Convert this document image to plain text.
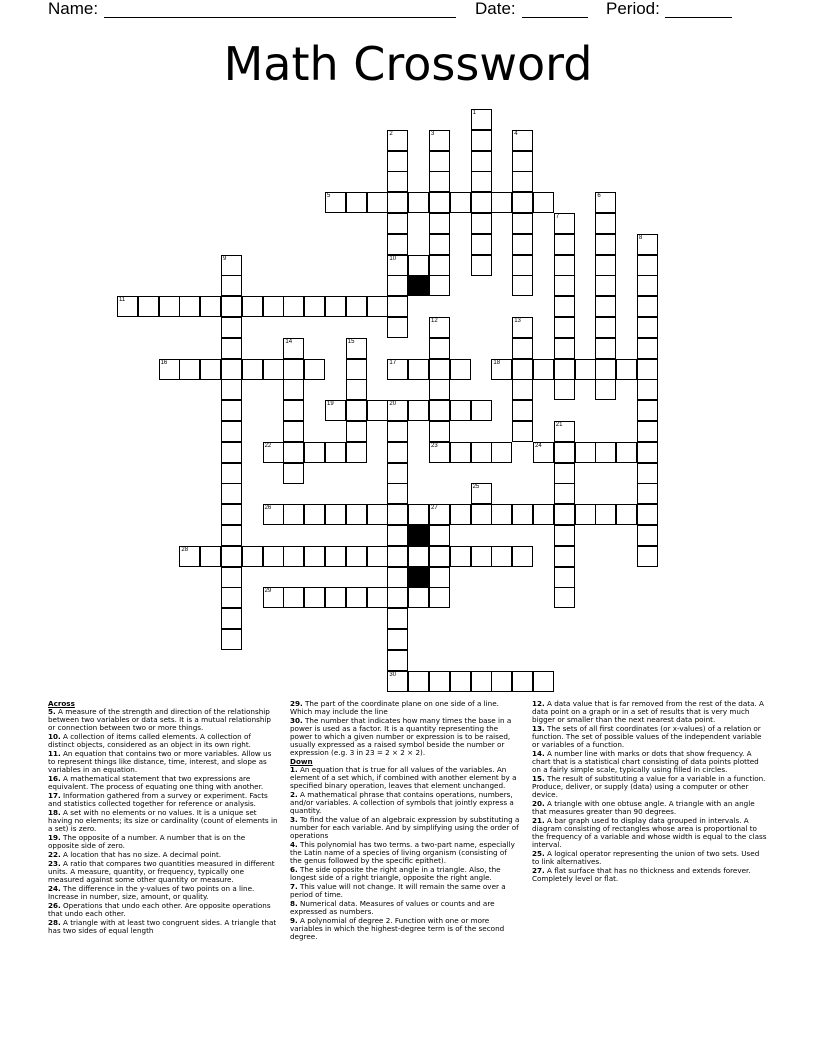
Name:	Date:	Period:
Math Crossword
5
10
11
16	17	18
19	20
22	23	24
26	27
28
29
30
1
2	3	4
6
7
8
9
12	13
14	15
21
25

Across

5. A measure of the strength and direction of the relationship between two variables or data sets. It is a mutual relationship or connection between two or more things.

10. A collection of items called elements. A collection of distinct objects, considered as an object in its own right.

11. An equation that contains two or more variables. Allow us to represent things like distance, time, interest, and slope as variables in an equation.

16. A mathematical statement that two expressions are equivalent. The process of equating one thing with another.

17. Information gathered from a survey or experiment. Facts and statistics collected together for reference or analysis.

18. A set with no elements or no values. It is a unique set having no elements; its size or cardinality (count of elements in a set) is zero.

19. The opposite of a number. A number that is on the opposite side of zero.

22. A location that has no size. A decimal point.

23. A ratio that compares two quantities measured in different units. A measure, quantity, or frequency, typically one measured against some other quantity or measure.

24. The difference in the y-values of two points on a line. Increase in number, size, amount, or quality.

26. Operations that undo each other. Are opposite operations that undo each other.

28. A triangle with at least two congruent sides. A triangle that has two sides of equal length

29. The part of the coordinate plane on one side of a line. Which may include the line

30. The number that indicates how many times the base in a power is used as a factor. It is a quantity representing the power to which a given number or expression is to be raised, usually expressed as a raised symbol beside the number or expression (e.g. 3 in 23 = 2 × 2 × 2).

Down

1. An equation that is true for all values of the variables. An element of a set which, if combined with another element by a specified binary operation, leaves that element unchanged.

2. A mathematical phrase that contains operations, numbers, and/or variables. A collection of symbols that jointly express a quantity.

3. To find the value of an algebraic expression by substituting a number for each variable. And by simplifying using the order of operations

4. This polynomial has two terms. a two-part name, especially the Latin name of a species of living organism (consisting of the genus followed by the specific epithet).

6. The side opposite the right angle in a triangle. Also, the longest side of a right triangle, opposite the right angle.

7. This value will not change. It will remain the same over a period of time.

8. Numerical data. Measures of values or counts and are expressed as numbers.

9. A polynomial of degree 2. Function with one or more variables in which the highest-degree term is of the second degree.

12. A data value that is far removed from the rest of the data. A data point on a graph or in a set of results that is very much bigger or smaller than the next nearest data point.

13. The sets of all first coordinates (or x-values) of a relation or function. The set of possible values of the independent variable or variables of a function.

14. A number line with marks or dots that show frequency. A chart that is a statistical chart consisting of data points plotted on a fairly simple scale, typically using filled in circles.

15. The result of substituting a value for a variable in a function. Produce, deliver, or supply (data) using a computer or other device.

20. A triangle with one obtuse angle. A triangle with an angle that measures greater than 90 degrees.

21. A bar graph used to display data grouped in intervals. A diagram consisting of rectangles whose area is proportional to the frequency of a variable and whose width is equal to the class interval.

25. A logical operator representing the union of two sets. Used to link alternatives.

27. A flat surface that has no thickness and extends forever. Completely level or flat.
